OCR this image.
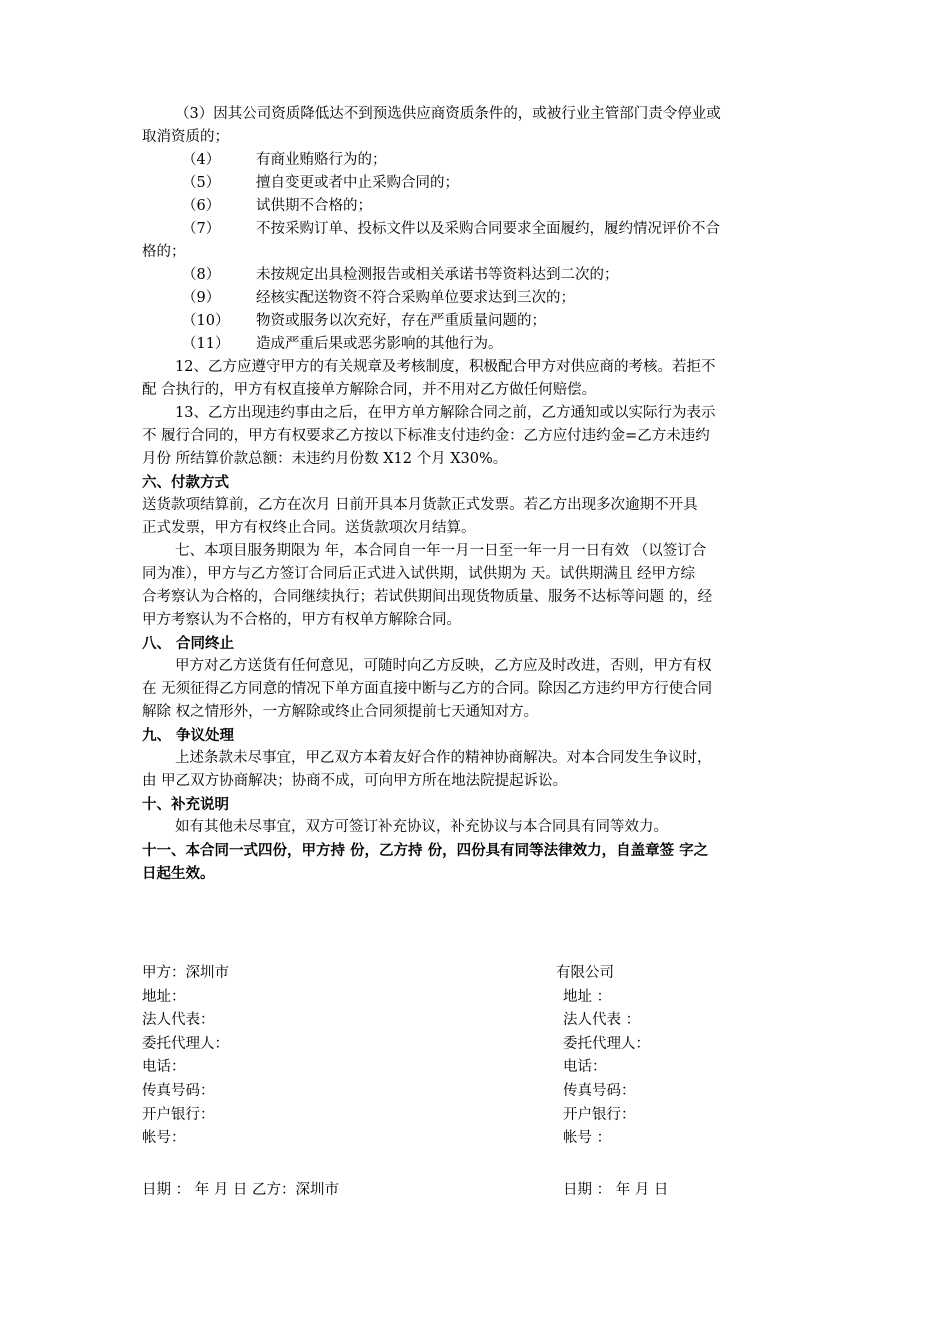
（3）因其公司资质降低达不到预选供应商资质条件的，或被行业主管部门责令停业或
取消资质的；
（4）	有商业贿赂行为的；
（5）	擅自变更或者中止采购合同的；
（6）	试供期不合格的；
（7）	不按采购订单、投标文件以及采购合同要求全面履约，履约情况评价不合
格的；
（8）	未按规定出具检测报告或相关承诺书等资料达到二次的；
（9）	经核实配送物资不符合采购单位要求达到三次的；
（10）	物资或服务以次充好，存在严重质量问题的；
（11）	造成严重后果或恶劣影响的其他行为。
12、乙方应遵守甲方的有关规章及考核制度，积极配合甲方对供应商的考核。若拒不
配 合执行的，甲方有权直接单方解除合同，并不用对乙方做任何赔偿。
13、乙方出现违约事由之后，在甲方单方解除合同之前，乙方通知或以实际行为表示
不 履行合同的，甲方有权要求乙方按以下标准支付违约金：乙方应付违约金=乙方未违约
月份 所结算价款总额：未违约月份数 X12 个月 X30%。
六、付款方式
送货款项结算前，乙方在次月 日前开具本月货款正式发票。若乙方出现多次逾期不开具
正式发票，甲方有权终止合同。送货款项次月结算。
七、本项目服务期限为 年，本合同自一年一月一日至一年一月一日有效 （以签订合
同为准），甲方与乙方签订合同后正式进入试供期，试供期为 天。试供期满且 经甲方综
合考察认为合格的，合同继续执行；若试供期间出现货物质量、服务不达标等问题 的，经
甲方考察认为不合格的，甲方有权单方解除合同。
八、 合同终止
甲方对乙方送货有任何意见，可随时向乙方反映，乙方应及时改进，否则，甲方有权
在 无须征得乙方同意的情况下单方面直接中断与乙方的合同。除因乙方违约甲方行使合同
解除 权之情形外，一方解除或终止合同须提前七天通知对方。
九、 争议处理
上述条款未尽事宜，甲乙双方本着友好合作的精神协商解决。对本合同发生争议时，
由 甲乙双方协商解决；协商不成，可向甲方所在地法院提起诉讼。
十、补充说明
如有其他未尽事宜，双方可签订补充协议，补充协议与本合同具有同等效力。
十一、本合同一式四份，甲方持 份，乙方持 份，四份具有同等法律效力，自盖章签 字之
日起生效。
甲方：深圳市	有限公司
地址：	地址 ：
法人代表：	法人代表 ：
委托代理人：	委托代理人：
电话：	电话：
传真号码：	传真号码：
开户银行：	开户银行：
帐号：	帐号 ：
日期 ： 年 月 日 乙方：深圳市	日期 ： 年 月 日
